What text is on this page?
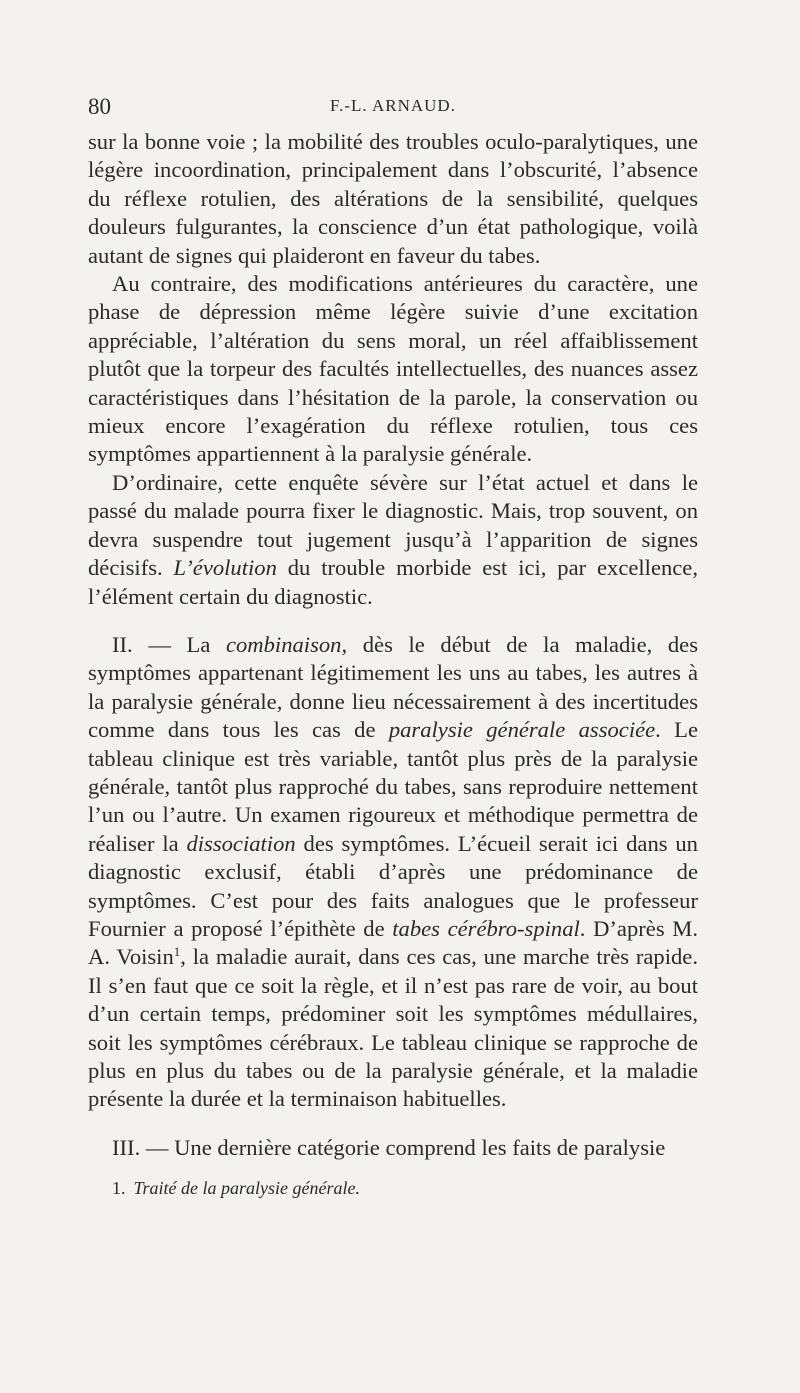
80	F.-L. ARNAUD.

sur la bonne voie ; la mobilité des troubles oculo-paralytiques, une légère incoordination, principalement dans l’obscurité, l’absence du réflexe rotulien, des altérations de la sensibilité, quelques douleurs fulgurantes, la conscience d’un état pathologique, voilà autant de signes qui plaideront en faveur du tabes.

Au contraire, des modifications antérieures du caractère, une phase de dépression même légère suivie d’une excitation appréciable, l’altération du sens moral, un réel affaiblissement plutôt que la torpeur des facultés intellectuelles, des nuances assez caractéristiques dans l’hésitation de la parole, la conservation ou mieux encore l’exagération du réflexe rotulien, tous ces symptômes appartiennent à la paralysie générale.

D’ordinaire, cette enquête sévère sur l’état actuel et dans le passé du malade pourra fixer le diagnostic. Mais, trop souvent, on devra suspendre tout jugement jusqu’à l’apparition de signes décisifs. L’évolution du trouble morbide est ici, par excellence, l’élément certain du diagnostic.

II. — La combinaison, dès le début de la maladie, des symptômes appartenant légitimement les uns au tabes, les autres à la paralysie générale, donne lieu nécessairement à des incertitudes comme dans tous les cas de paralysie générale associée. Le tableau clinique est très variable, tantôt plus près de la paralysie générale, tantôt plus rapproché du tabes, sans reproduire nettement l’un ou l’autre. Un examen rigoureux et méthodique permettra de réaliser la dissociation des symptômes. L’écueil serait ici dans un diagnostic exclusif, établi d’après une prédominance de symptômes. C’est pour des faits analogues que le professeur Fournier a proposé l’épithète de tabes cérébro-spinal. D’après M. A. Voisin$^1$, la maladie aurait, dans ces cas, une marche très rapide. Il s’en faut que ce soit la règle, et il n’est pas rare de voir, au bout d’un certain temps, prédominer soit les symptômes médullaires, soit les symptômes cérébraux. Le tableau clinique se rapproche de plus en plus du tabes ou de la paralysie générale, et la maladie présente la durée et la terminaison habituelles.

III. — Une dernière catégorie comprend les faits de paralysie

1. Traité de la paralysie générale.
